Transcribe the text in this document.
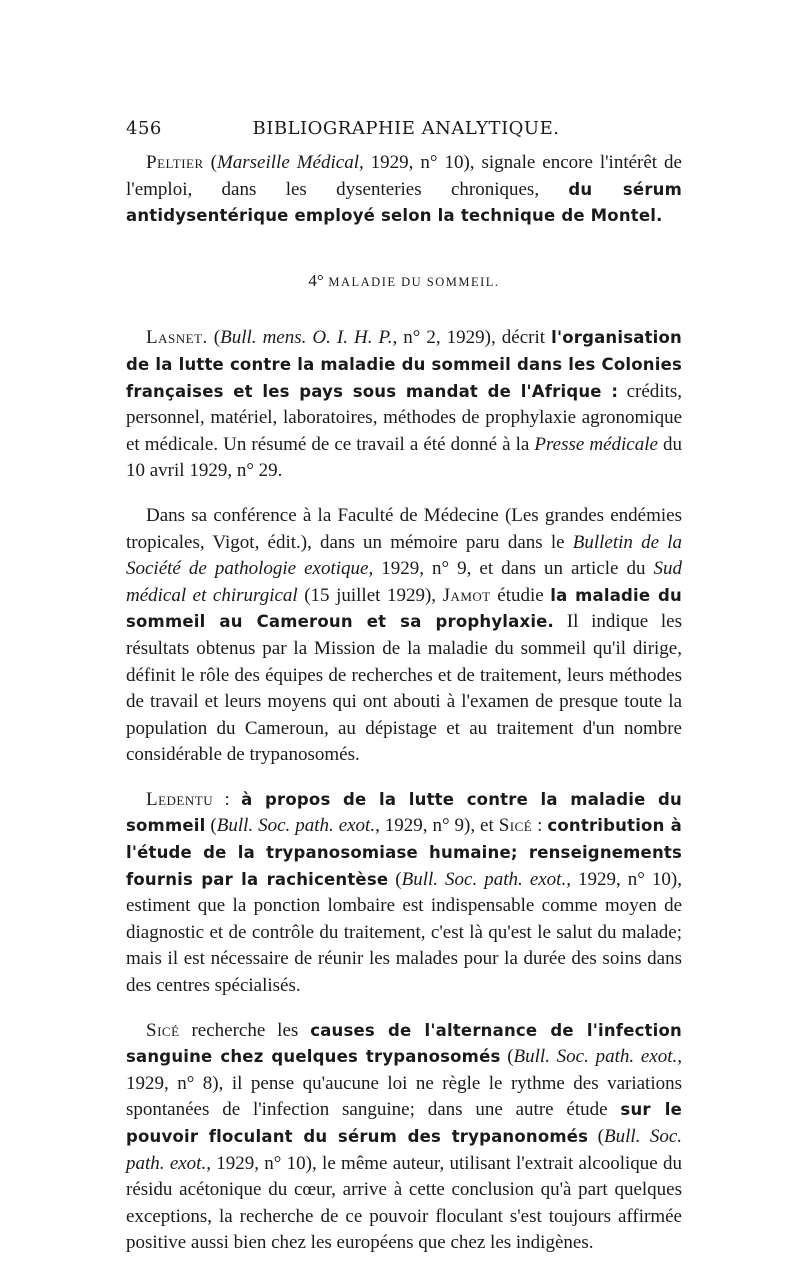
456	BIBLIOGRAPHIE ANALYTIQUE.

Peltier (Marseille Médical, 1929, n° 10), signale encore l'intérêt de l'emploi, dans les dysenteries chroniques, du sérum antidysentérique employé selon la technique de Montel.

4° MALADIE DU SOMMEIL.

Lasnet. (Bull. mens. O. I. H. P., n° 2, 1929), décrit l'organisation de la lutte contre la maladie du sommeil dans les Colonies françaises et les pays sous mandat de l'Afrique : crédits, personnel, matériel, laboratoires, méthodes de prophylaxie agronomique et médicale. Un résumé de ce travail a été donné à la Presse médicale du 10 avril 1929, n° 29.

Dans sa conférence à la Faculté de Médecine (Les grandes endémies tropicales, Vigot, édit.), dans un mémoire paru dans le Bulletin de la Société de pathologie exotique, 1929, n° 9, et dans un article du Sud médical et chirurgical (15 juillet 1929), Jamot étudie la maladie du sommeil au Cameroun et sa prophylaxie. Il indique les résultats obtenus par la Mission de la maladie du sommeil qu'il dirige, définit le rôle des équipes de recherches et de traitement, leurs méthodes de travail et leurs moyens qui ont abouti à l'examen de presque toute la population du Cameroun, au dépistage et au traitement d'un nombre considérable de trypanosomés.

Ledentu : à propos de la lutte contre la maladie du sommeil (Bull. Soc. path. exot., 1929, n° 9), et Sicé : contribution à l'étude de la trypanosomiase humaine; renseignements fournis par la rachicentèse (Bull. Soc. path. exot., 1929, n° 10), estiment que la ponction lombaire est indispensable comme moyen de diagnostic et de contrôle du traitement, c'est là qu'est le salut du malade; mais il est nécessaire de réunir les malades pour la durée des soins dans des centres spécialisés.

Sicé recherche les causes de l'alternance de l'infection sanguine chez quelques trypanosomés (Bull. Soc. path. exot., 1929, n° 8), il pense qu'aucune loi ne règle le rythme des variations spontanées de l'infection sanguine; dans une autre étude sur le pouvoir floculant du sérum des trypanonomés (Bull. Soc. path. exot., 1929, n° 10), le même auteur, utilisant l'extrait alcoolique du résidu acétonique du cœur, arrive à cette conclusion qu'à part quelques exceptions, la recherche de ce pouvoir floculant s'est toujours affirmée positive aussi bien chez les européens que chez les indigènes.
